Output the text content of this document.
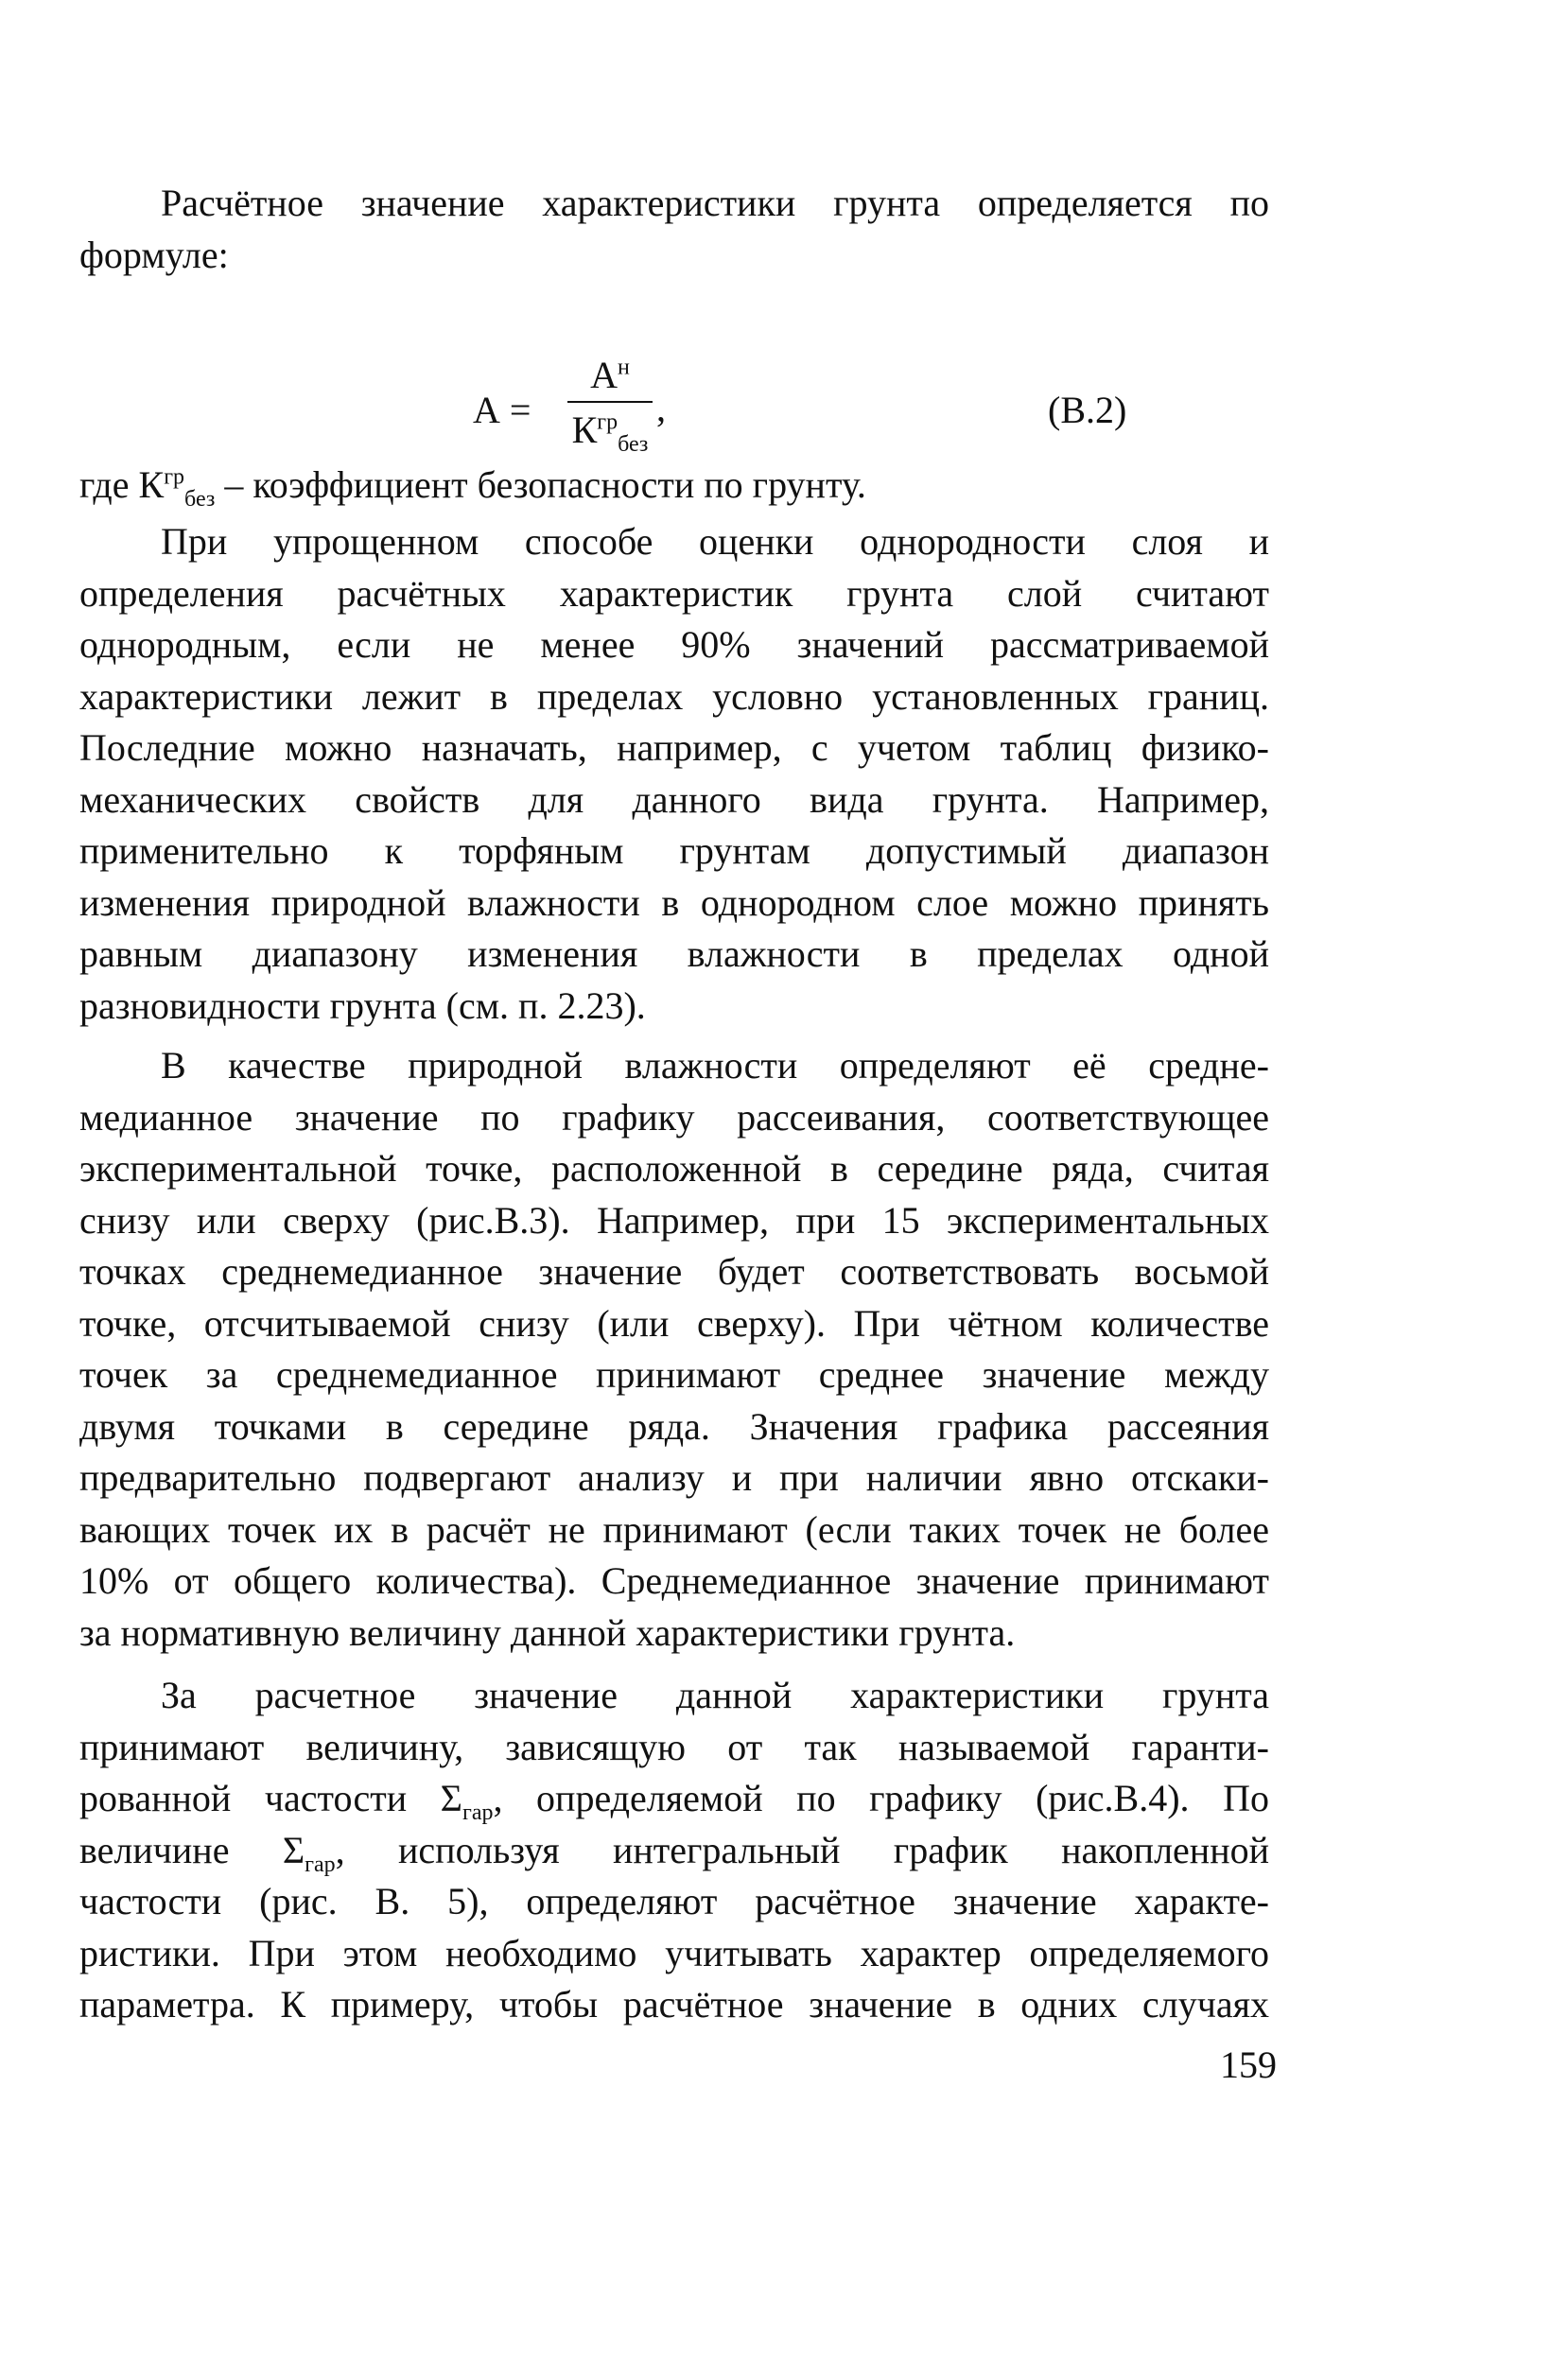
Расчётное значение характеристики грунта определяется по
формуле:
А =
$А^н$
$К^{гр}_{без}$
,	(В.2)
где $К^{гр}_{без}$ – коэффициент безопасности по грунту.
При упрощенном способе оценки однородности слоя и
определения расчётных характеристик грунта слой считают
однородным, если не менее 90% значений рассматриваемой
характеристики лежит в пределах условно установленных границ.
Последние можно назначать, например, с учетом таблиц физико-
механических свойств для данного вида грунта. Например,
применительно к торфяным грунтам допустимый диапазон
изменения природной влажности в однородном слое можно принять
равным диапазону изменения влажности в пределах одной
разновидности грунта (см. п. 2.23).
В качестве природной влажности определяют её средне-
медианное значение по графику рассеивания, соответствующее
экспериментальной точке, расположенной в середине ряда, считая
снизу или сверху (рис.В.3). Например, при 15 экспериментальных
точках среднемедианное значение будет соответствовать восьмой
точке, отсчитываемой снизу (или сверху). При чётном количестве
точек за среднемедианное принимают среднее значение между
двумя точками в середине ряда. Значения графика рассеяния
предварительно подвергают анализу и при наличии явно отскаки-
вающих точек их в расчёт не принимают (если таких точек не более
10% от общего количества). Среднемедианное значение принимают
за нормативную величину данной характеристики грунта.
За расчетное значение данной характеристики грунта
принимают величину, зависящую от так называемой гаранти-
рованной частости $\Sigma_{гар}$, определяемой по графику (рис.В.4). По
величине $\Sigma_{гар}$, используя интегральный график накопленной
частости (рис. В. 5), определяют расчётное значение характе-
ристики. При этом необходимо учитывать характер определяемого
параметра. К примеру, чтобы расчётное значение в одних случаях
159
